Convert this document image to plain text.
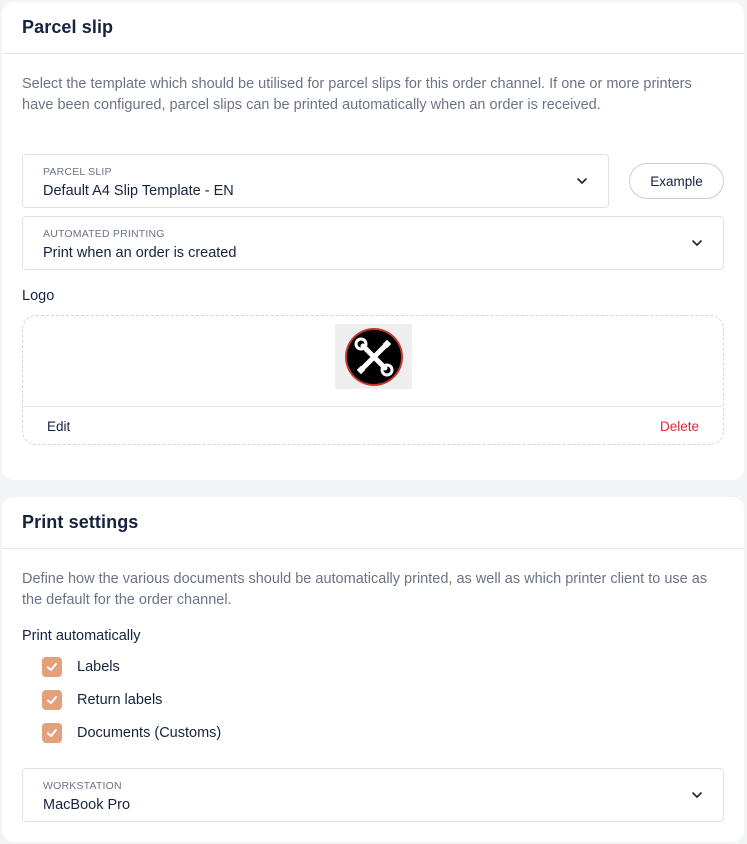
Parcel slip

Select the template which should be utilised for parcel slips for this order channel. If one or more printers have been configured, parcel slips can be printed automatically when an order is received.

PARCEL SLIP
Default A4 Slip Template - EN
Example
AUTOMATED PRINTING
Print when an order is created
Logo
Edit	Delete
Print settings

Define how the various documents should be automatically printed, as well as which printer client to use as the default for the order channel.

Print automatically
Labels
Return labels
Documents (Customs)
WORKSTATION
MacBook Pro
